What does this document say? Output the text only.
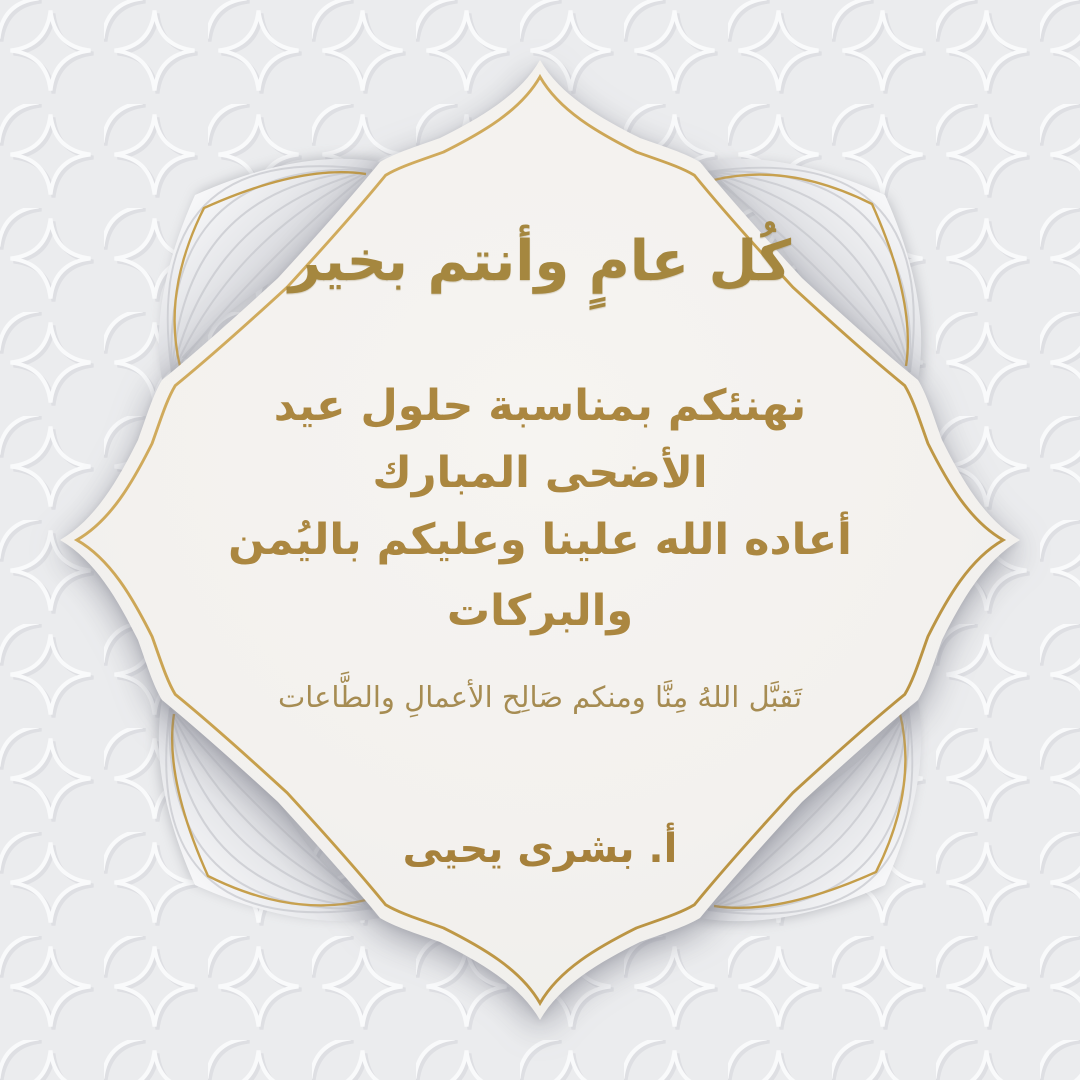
كُل عامٍ وأنتم بخير
نهنئكم بمناسبة حلول عيد
الأضحى المبارك
أعاده الله علينا وعليكم باليُمن
والبركات
تَقبَّل اللهُ مِنَّا ومنكم صَالِح الأعمالِ والطَّاعات
أ. بشرى يحيى
